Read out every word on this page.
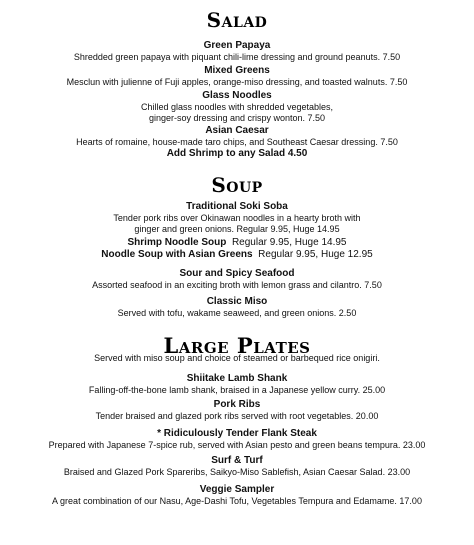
Salad
Green Papaya
Shredded green papaya with piquant chili-lime dressing and ground peanuts. 7.50
Mixed Greens
Mesclun with julienne of Fuji apples, orange-miso dressing, and toasted walnuts. 7.50
Glass Noodles
Chilled glass noodles with shredded vegetables,
ginger-soy dressing and crispy wonton. 7.50
Asian Caesar
Hearts of romaine, house-made taro chips, and Southeast Caesar dressing. 7.50
Add Shrimp to any Salad 4.50
Soup
Traditional Soki Soba
Tender pork ribs over Okinawan noodles in a hearty broth with
ginger and green onions. Regular 9.95, Huge 14.95
Shrimp Noodle Soup Regular 9.95, Huge 14.95
Noodle Soup with Asian Greens Regular 9.95, Huge 12.95
Sour and Spicy Seafood
Assorted seafood in an exciting broth with lemon grass and cilantro. 7.50
Classic Miso
Served with tofu, wakame seaweed, and green onions. 2.50
Large Plates
Served with miso soup and choice of steamed or barbequed rice onigiri.
Shiitake Lamb Shank
Falling-off-the-bone lamb shank, braised in a Japanese yellow curry. 25.00
Pork Ribs
Tender braised and glazed pork ribs served with root vegetables. 20.00
* Ridiculously Tender Flank Steak
Prepared with Japanese 7-spice rub, served with Asian pesto and green beans tempura. 23.00
Surf & Turf
Braised and Glazed Pork Spareribs, Saikyo-Miso Sablefish, Asian Caesar Salad. 23.00
Veggie Sampler
A great combination of our Nasu, Age-Dashi Tofu, Vegetables Tempura and Edamame. 17.00
